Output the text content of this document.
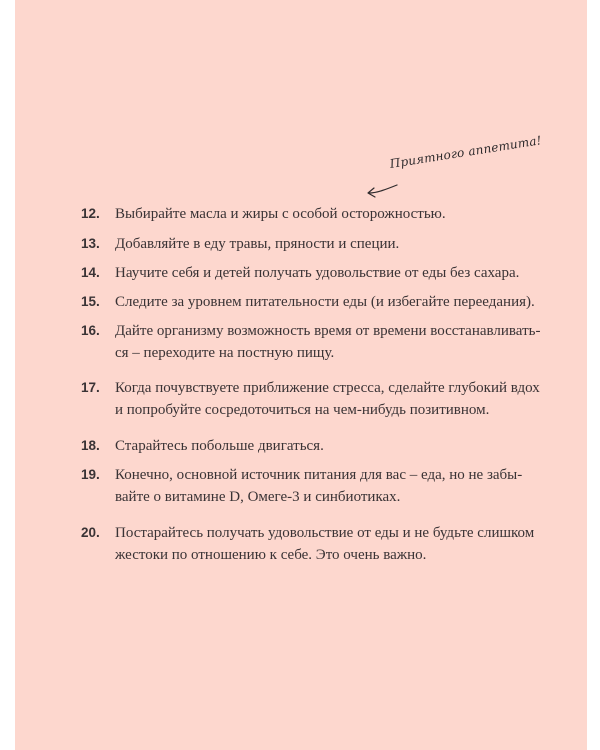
Приятного аппетита!
12.	Выбирайте масла и жиры с особой осторожностью.
13.	Добавляйте в еду травы, пряности и специи.
14.	Научите себя и детей получать удовольствие от еды без сахара.
15.	Следите за уровнем питательности еды (и избегайте переедания).
16.	Дайте организму возможность время от времени восстанавливать-
ся – переходите на постную пищу.
17.	Когда почувствуете приближение стресса, сделайте глубокий вдох
и попробуйте сосредоточиться на чем-нибудь позитивном.
18.	Старайтесь побольше двигаться.
19.	Конечно, основной источник питания для вас – еда, но не забы-
вайте о витамине D, Омеге-3 и синбиотиках.
20.	Постарайтесь получать удовольствие от еды и не будьте слишком
жестоки по отношению к себе. Это очень важно.
